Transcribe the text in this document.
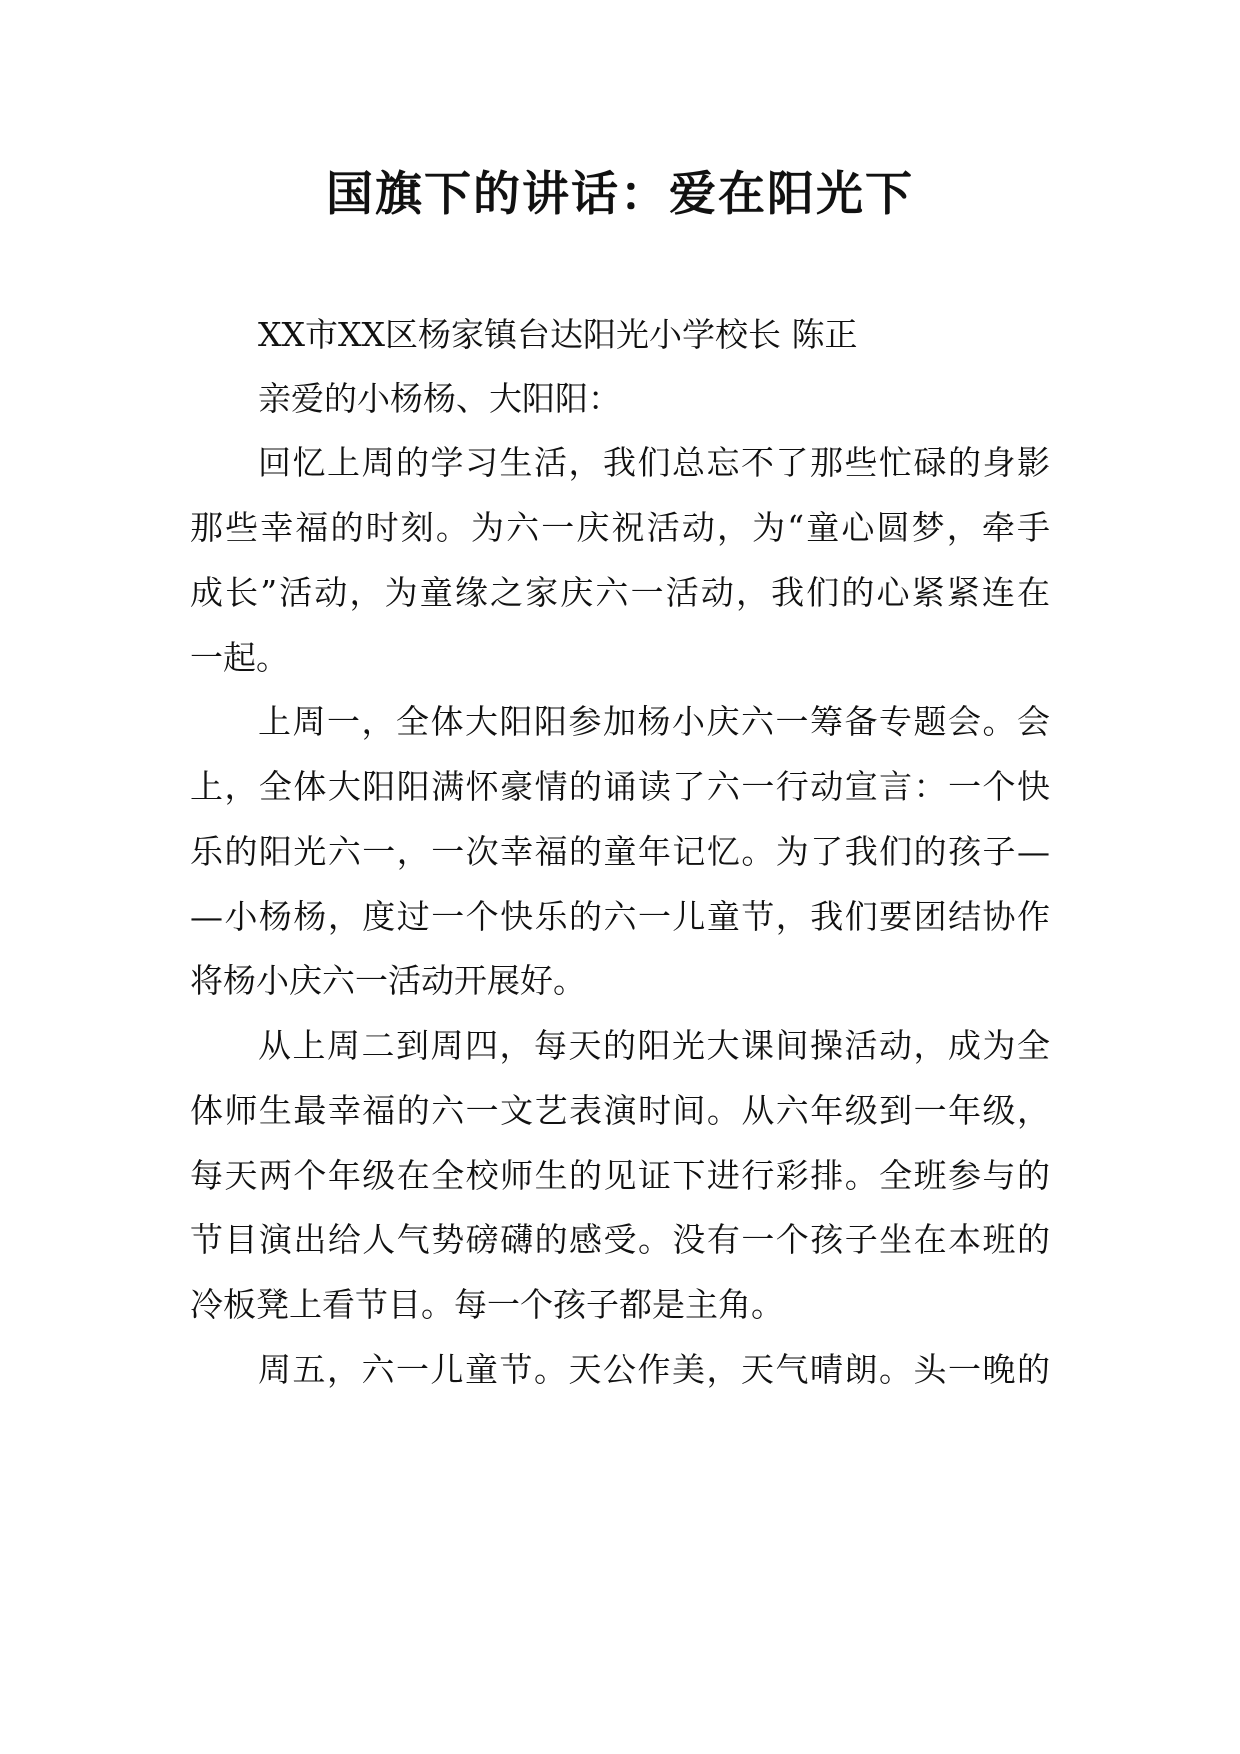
国旗下的讲话：爱在阳光下

XX市XX区杨家镇台达阳光小学校长 陈正

亲爱的小杨杨、大阳阳：

回忆上周的学习生活，我们总忘不了那些忙碌的身影

那些幸福的时刻。为六一庆祝活动，为“童心圆梦，牵手

成长”活动，为童缘之家庆六一活动，我们的心紧紧连在

一起。

上周一，全体大阳阳参加杨小庆六一筹备专题会。会

上，全体大阳阳满怀豪情的诵读了六一行动宣言：一个快

乐的阳光六一，一次幸福的童年记忆。为了我们的孩子—

—小杨杨，度过一个快乐的六一儿童节，我们要团结协作

将杨小庆六一活动开展好。

从上周二到周四，每天的阳光大课间操活动，成为全

体师生最幸福的六一文艺表演时间。从六年级到一年级，

每天两个年级在全校师生的见证下进行彩排。全班参与的

节目演出给人气势磅礴的感受。没有一个孩子坐在本班的

冷板凳上看节目。每一个孩子都是主角。

周五，六一儿童节。天公作美，天气晴朗。头一晚的
